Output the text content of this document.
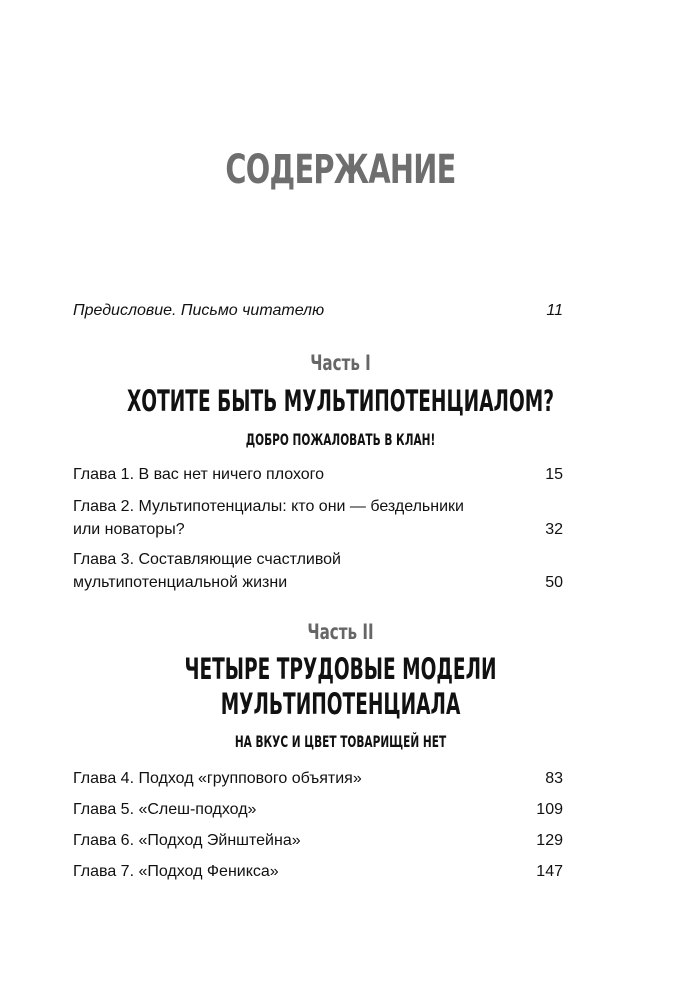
СОДЕРЖАНИЕ
Предисловие. Письмо читателю	11
Часть I
ХОТИТЕ БЫТЬ МУЛЬТИПОТЕНЦИАЛОМ?
ДОБРО ПОЖАЛОВАТЬ В КЛАН!
Глава 1. В вас нет ничего плохого	15
Глава 2. Мультипотенциалы: кто они — бездельники
или новаторы?	32
Глава 3. Составляющие счастливой
мультипотенциальной жизни	50
Часть II
ЧЕТЫРЕ ТРУДОВЫЕ МОДЕЛИ
МУЛЬТИПОТЕНЦИАЛА
НА ВКУС И ЦВЕТ ТОВАРИЩЕЙ НЕТ
Глава 4. Подход «группового объятия»	83
Глава 5. «Слеш-подход»	109
Глава 6. «Подход Эйнштейна»	129
Глава 7. «Подход Феникса»	147
